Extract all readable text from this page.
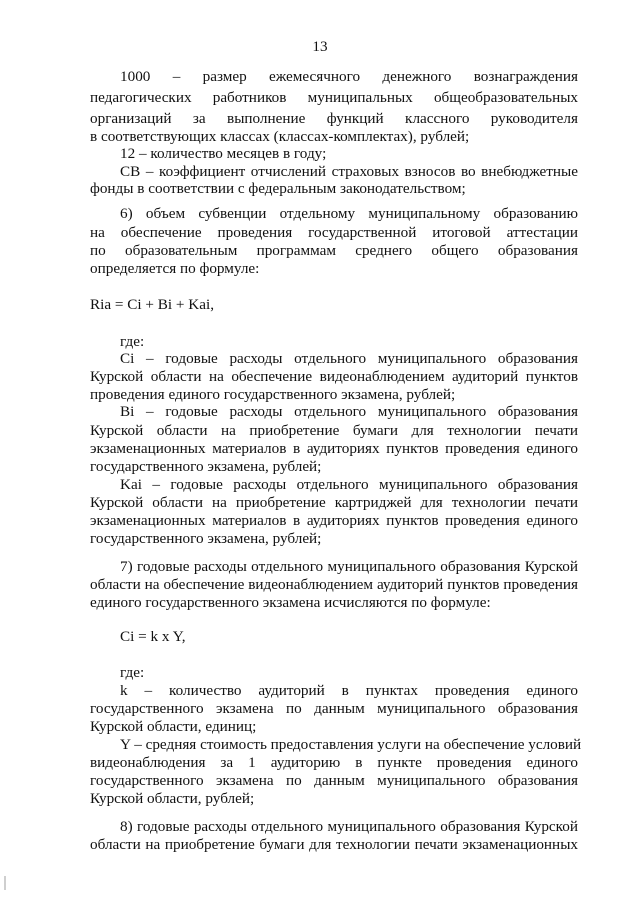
13
1000 – размер ежемесячного денежного вознаграждения
педагогических работников муниципальных общеобразовательных
организаций за выполнение функций классного руководителя
в соответствующих классах (классах-комплектах), рублей;
12 – количество месяцев в году;
СВ – коэффициент отчислений страховых взносов во внебюджетные
фонды в соответствии с федеральным законодательством;
6) объем субвенции отдельному муниципальному образованию
на обеспечение проведения государственной итоговой аттестации
по образовательным программам среднего общего образования
определяется по формуле:
Ria = Ci + Bi + Kai,
где:
Ci – годовые расходы отдельного муниципального образования
Курской области на обеспечение видеонаблюдением аудиторий пунктов
проведения единого государственного экзамена, рублей;
Bi – годовые расходы отдельного муниципального образования
Курской области на приобретение бумаги для технологии печати
экзаменационных материалов в аудиториях пунктов проведения единого
государственного экзамена, рублей;
Kai – годовые расходы отдельного муниципального образования
Курской области на приобретение картриджей для технологии печати
экзаменационных материалов в аудиториях пунктов проведения единого
государственного экзамена, рублей;
7) годовые расходы отдельного муниципального образования Курской
области на обеспечение видеонаблюдением аудиторий пунктов проведения
единого государственного экзамена исчисляются по формуле:
Ci = k x Y,
где:
k – количество аудиторий в пунктах проведения единого
государственного экзамена по данным муниципального образования
Курской области, единиц;
Y – средняя стоимость предоставления услуги на обеспечение условий
видеонаблюдения за 1 аудиторию в пункте проведения единого
государственного экзамена по данным муниципального образования
Курской области, рублей;
8) годовые расходы отдельного муниципального образования Курской
области на приобретение бумаги для технологии печати экзаменационных
